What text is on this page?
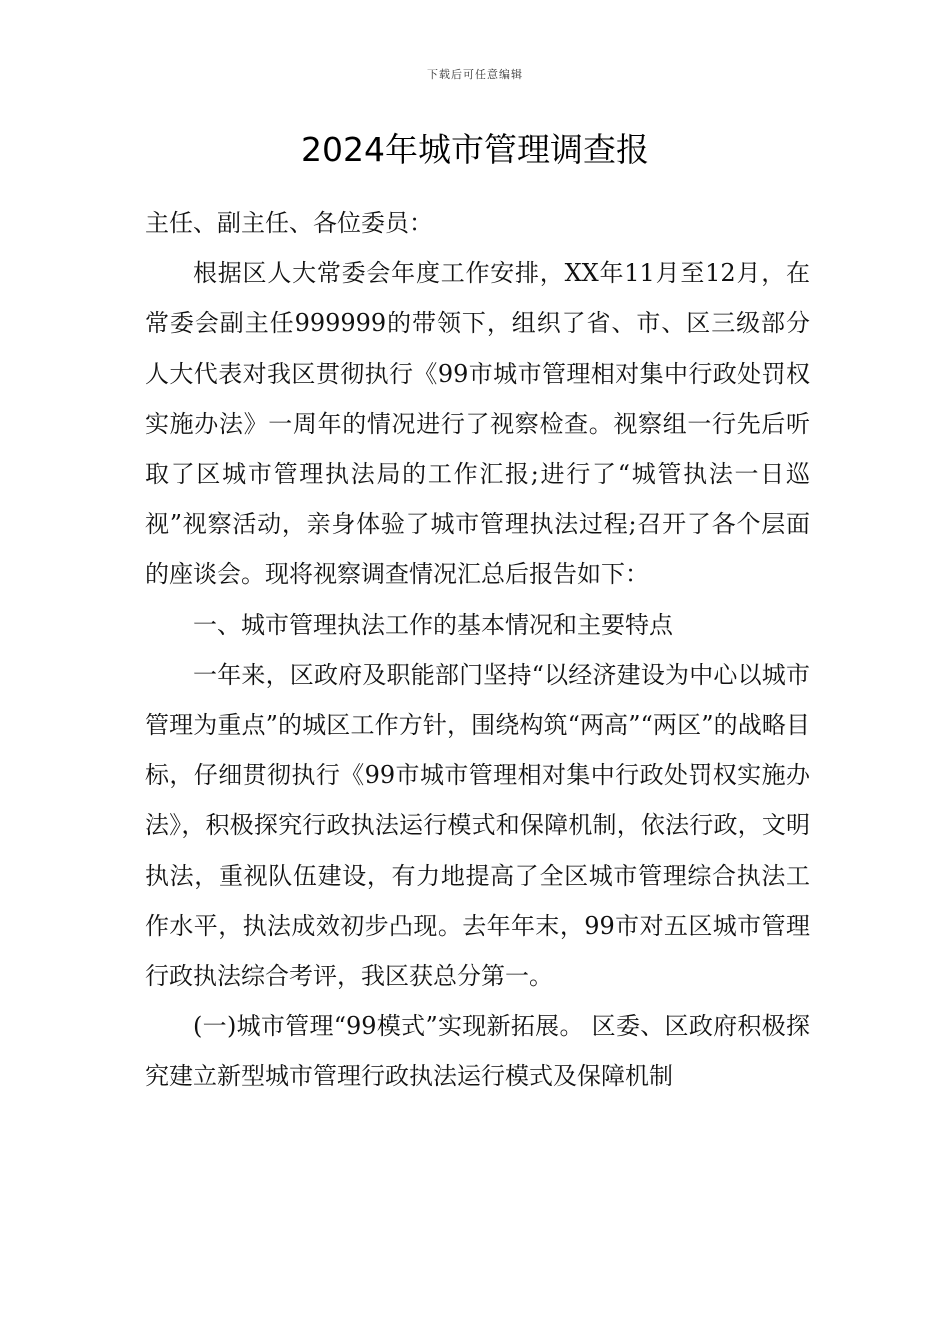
下载后可任意编辑
2024年城市管理调查报

主任、副主任、各位委员：

根据区人大常委会年度工作安排，XX年11月至12月，在常委会副主任999999的带领下，组织了省、市、区三级部分人大代表对我区贯彻执行《99市城市管理相对集中行政处罚权实施办法》一周年的情况进行了视察检查。视察组一行先后听取了区城市管理执法局的工作汇报;进行了“城管执法一日巡视”视察活动，亲身体验了城市管理执法过程;召开了各个层面的座谈会。现将视察调查情况汇总后报告如下：

一、城市管理执法工作的基本情况和主要特点

一年来，区政府及职能部门坚持“以经济建设为中心以城市管理为重点”的城区工作方针，围绕构筑“两高”“两区”的战略目标，仔细贯彻执行《99市城市管理相对集中行政处罚权实施办法》，积极探究行政执法运行模式和保障机制，依法行政，文明执法，重视队伍建设，有力地提高了全区城市管理综合执法工作水平，执法成效初步凸现。去年年末，99市对五区城市管理行政执法综合考评，我区获总分第一。

(一)城市管理“99模式”实现新拓展。 区委、区政府积极探究建立新型城市管理行政执法运行模式及保障机制
